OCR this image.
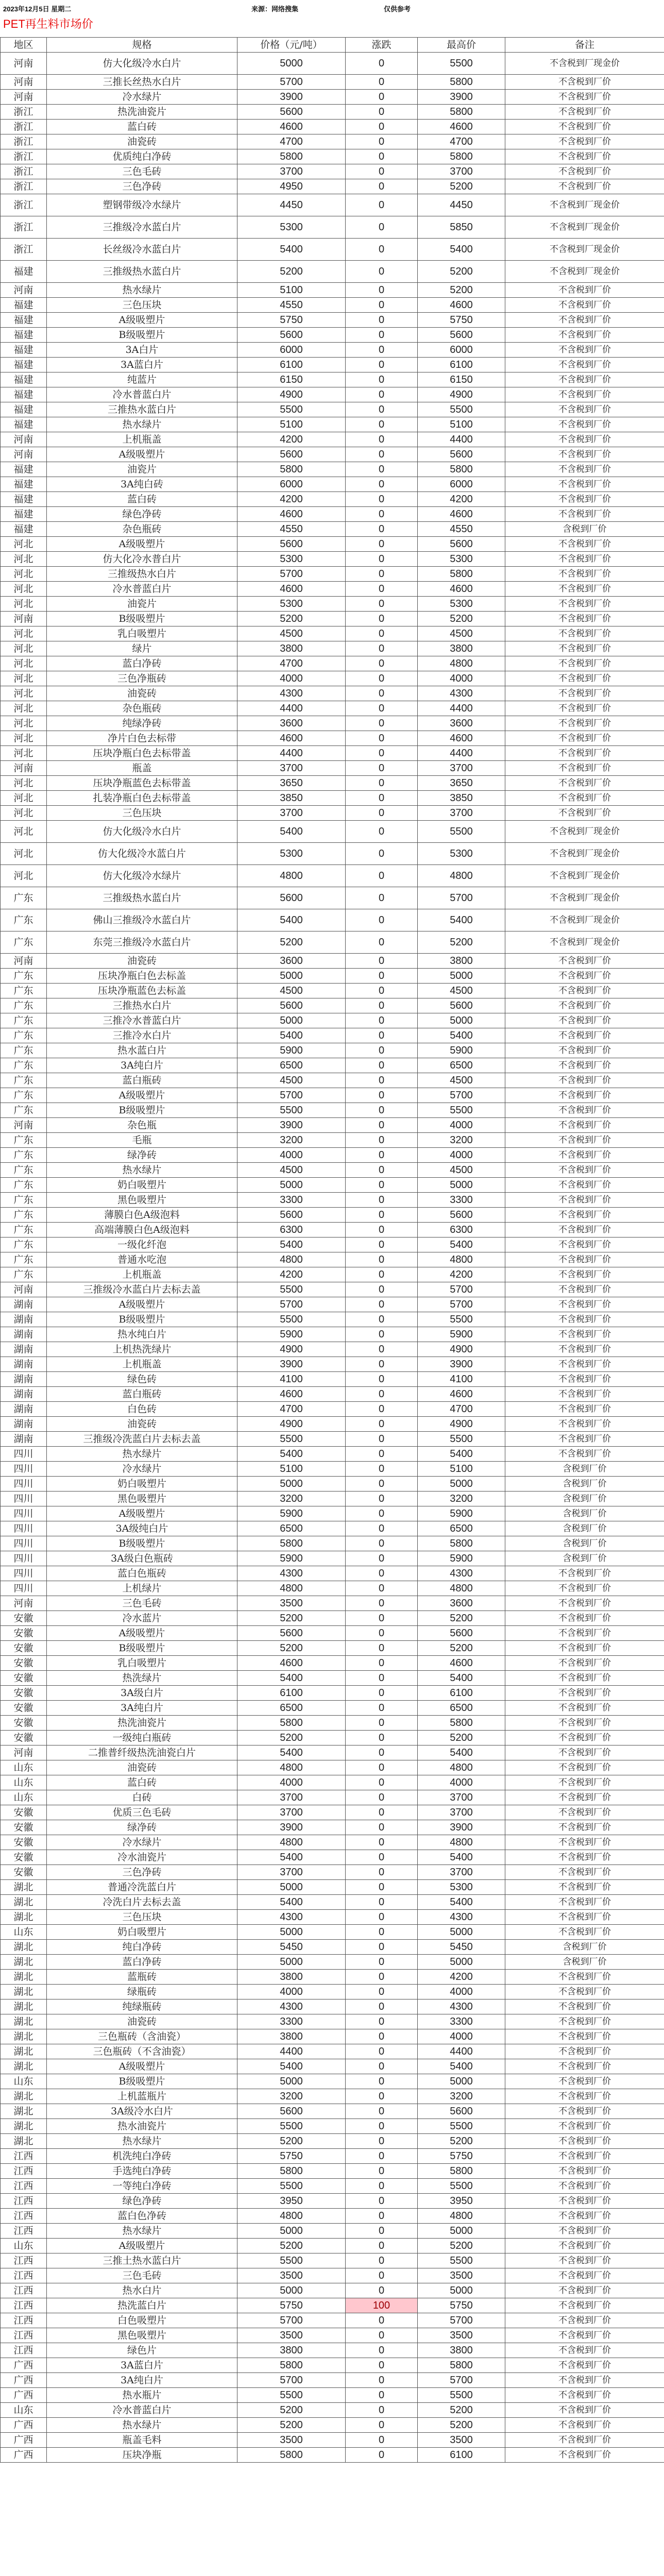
2023年12月5日 星期二	来源：网络搜集	仅供参考
PET再生料市场价
地区	规格	价格（元/吨）	涨跌	最高价	备注
河南	仿大化级冷水白片	5000	0	5500	不含税到厂现金价
河南	三推长丝热水白片	5700	0	5800	不含税到厂价
河南	冷水绿片	3900	0	3900	不含税到厂价
浙江	热洗油瓷片	5600	0	5800	不含税到厂价
浙江	蓝白砖	4600	0	4600	不含税到厂价
浙江	油瓷砖	4700	0	4700	不含税到厂价
浙江	优质纯白净砖	5800	0	5800	不含税到厂价
浙江	三色毛砖	3700	0	3700	不含税到厂价
浙江	三色净砖	4950	0	5200	不含税到厂价
浙江	塑钢带级冷水绿片	4450	0	4450	不含税到厂现金价
浙江	三推级冷水蓝白片	5300	0	5850	不含税到厂现金价
浙江	长丝级冷水蓝白片	5400	0	5400	不含税到厂现金价
福建	三推级热水蓝白片	5200	0	5200	不含税到厂现金价
河南	热水绿片	5100	0	5200	不含税到厂价
福建	三色压块	4550	0	4600	不含税到厂价
福建	A级吸塑片	5750	0	5750	不含税到厂价
福建	B级吸塑片	5600	0	5600	不含税到厂价
福建	3A白片	6000	0	6000	不含税到厂价
福建	3A蓝白片	6100	0	6100	不含税到厂价
福建	纯蓝片	6150	0	6150	不含税到厂价
福建	冷水普蓝白片	4900	0	4900	不含税到厂价
福建	三推热水蓝白片	5500	0	5500	不含税到厂价
福建	热水绿片	5100	0	5100	不含税到厂价
河南	上机瓶盖	4200	0	4400	不含税到厂价
河南	A级吸塑片	5600	0	5600	不含税到厂价
福建	油瓷片	5800	0	5800	不含税到厂价
福建	3A纯白砖	6000	0	6000	不含税到厂价
福建	蓝白砖	4200	0	4200	不含税到厂价
福建	绿色净砖	4600	0	4600	不含税到厂价
福建	杂色瓶砖	4550	0	4550	含税到厂价
河北	A级吸塑片	5600	0	5600	不含税到厂价
河北	仿大化冷水普白片	5300	0	5300	不含税到厂价
河北	三推级热水白片	5700	0	5800	不含税到厂价
河北	冷水普蓝白片	4600	0	4600	不含税到厂价
河北	油瓷片	5300	0	5300	不含税到厂价
河南	B级吸塑片	5200	0	5200	不含税到厂价
河北	乳白吸塑片	4500	0	4500	不含税到厂价
河北	绿片	3800	0	3800	不含税到厂价
河北	蓝白净砖	4700	0	4800	不含税到厂价
河北	三色净瓶砖	4000	0	4000	不含税到厂价
河北	油瓷砖	4300	0	4300	不含税到厂价
河北	杂色瓶砖	4400	0	4400	不含税到厂价
河北	纯绿净砖	3600	0	3600	不含税到厂价
河北	净片白色去标带	4600	0	4600	不含税到厂价
河北	压块净瓶白色去标带盖	4400	0	4400	不含税到厂价
河南	瓶盖	3700	0	3700	不含税到厂价
河北	压块净瓶蓝色去标带盖	3650	0	3650	不含税到厂价
河北	扎装净瓶白色去标带盖	3850	0	3850	不含税到厂价
河北	三色压块	3700	0	3700	不含税到厂价
河北	仿大化级冷水白片	5400	0	5500	不含税到厂现金价
河北	仿大化级冷水蓝白片	5300	0	5300	不含税到厂现金价
河北	仿大化级冷水绿片	4800	0	4800	不含税到厂现金价
广东	三推级热水蓝白片	5600	0	5700	不含税到厂现金价
广东	佛山三推级冷水蓝白片	5400	0	5400	不含税到厂现金价
广东	东莞三推级冷水蓝白片	5200	0	5200	不含税到厂现金价
河南	油瓷砖	3600	0	3800	不含税到厂价
广东	压块净瓶白色去标盖	5000	0	5000	不含税到厂价
广东	压块净瓶蓝色去标盖	4500	0	4500	不含税到厂价
广东	三推热水白片	5600	0	5600	不含税到厂价
广东	三推冷水普蓝白片	5000	0	5000	不含税到厂价
广东	三推冷水白片	5400	0	5400	不含税到厂价
广东	热水蓝白片	5900	0	5900	不含税到厂价
广东	3A纯白片	6500	0	6500	不含税到厂价
广东	蓝白瓶砖	4500	0	4500	不含税到厂价
广东	A级吸塑片	5700	0	5700	不含税到厂价
广东	B级吸塑片	5500	0	5500	不含税到厂价
河南	杂色瓶	3900	0	4000	不含税到厂价
广东	毛瓶	3200	0	3200	不含税到厂价
广东	绿净砖	4000	0	4000	不含税到厂价
广东	热水绿片	4500	0	4500	不含税到厂价
广东	奶白吸塑片	5000	0	5000	不含税到厂价
广东	黑色吸塑片	3300	0	3300	不含税到厂价
广东	薄膜白色A级泡料	5600	0	5600	不含税到厂价
广东	高端薄膜白色A级泡料	6300	0	6300	不含税到厂价
广东	一级化纤泡	5400	0	5400	不含税到厂价
广东	普通水吃泡	4800	0	4800	不含税到厂价
广东	上机瓶盖	4200	0	4200	不含税到厂价
河南	三推级冷水蓝白片去标去盖	5500	0	5700	不含税到厂价
湖南	A级吸塑片	5700	0	5700	不含税到厂价
湖南	B级吸塑片	5500	0	5500	不含税到厂价
湖南	热水纯白片	5900	0	5900	不含税到厂价
湖南	上机热洗绿片	4900	0	4900	不含税到厂价
湖南	上机瓶盖	3900	0	3900	不含税到厂价
湖南	绿色砖	4100	0	4100	不含税到厂价
湖南	蓝白瓶砖	4600	0	4600	不含税到厂价
湖南	白色砖	4700	0	4700	不含税到厂价
湖南	油瓷砖	4900	0	4900	不含税到厂价
湖南	三推级冷洗蓝白片去标去盖	5500	0	5500	不含税到厂价
四川	热水绿片	5400	0	5400	不含税到厂价
四川	冷水绿片	5100	0	5100	含税到厂价
四川	奶白吸塑片	5000	0	5000	含税到厂价
四川	黑色吸塑片	3200	0	3200	含税到厂价
四川	A级吸塑片	5900	0	5900	含税到厂价
四川	3A级纯白片	6500	0	6500	含税到厂价
四川	B级吸塑片	5800	0	5800	含税到厂价
四川	3A级白色瓶砖	5900	0	5900	含税到厂价
四川	蓝白色瓶砖	4300	0	4300	不含税到厂价
四川	上机绿片	4800	0	4800	不含税到厂价
河南	三色毛砖	3500	0	3600	不含税到厂价
安徽	冷水蓝片	5200	0	5200	不含税到厂价
安徽	A级吸塑片	5600	0	5600	不含税到厂价
安徽	B级吸塑片	5200	0	5200	不含税到厂价
安徽	乳白吸塑片	4600	0	4600	不含税到厂价
安徽	热洗绿片	5400	0	5400	不含税到厂价
安徽	3A级白片	6100	0	6100	不含税到厂价
安徽	3A纯白片	6500	0	6500	不含税到厂价
安徽	热洗油瓷片	5800	0	5800	不含税到厂价
安徽	一级纯白瓶砖	5200	0	5200	不含税到厂价
河南	二推普纤级热洗油瓷白片	5400	0	5400	不含税到厂价
山东	油瓷砖	4800	0	4800	不含税到厂价
山东	蓝白砖	4000	0	4000	不含税到厂价
山东	白砖	3700	0	3700	不含税到厂价
安徽	优质三色毛砖	3700	0	3700	不含税到厂价
安徽	绿净砖	3900	0	3900	不含税到厂价
安徽	冷水绿片	4800	0	4800	不含税到厂价
安徽	冷水油瓷片	5400	0	5400	不含税到厂价
安徽	三色净砖	3700	0	3700	不含税到厂价
湖北	普通冷洗蓝白片	5000	0	5300	不含税到厂价
湖北	冷洗白片去标去盖	5400	0	5400	不含税到厂价
湖北	三色压块	4300	0	4300	不含税到厂价
山东	奶白吸塑片	5000	0	5000	不含税到厂价
湖北	纯白净砖	5450	0	5450	含税到厂价
湖北	蓝白净砖	5000	0	5000	含税到厂价
湖北	蓝瓶砖	3800	0	4200	不含税到厂价
湖北	绿瓶砖	4000	0	4000	不含税到厂价
湖北	纯绿瓶砖	4300	0	4300	不含税到厂价
湖北	油瓷砖	3300	0	3300	不含税到厂价
湖北	三色瓶砖（含油瓷）	3800	0	4000	不含税到厂价
湖北	三色瓶砖（不含油瓷）	4400	0	4400	不含税到厂价
湖北	A级吸塑片	5400	0	5400	不含税到厂价
山东	B级吸塑片	5000	0	5000	不含税到厂价
湖北	上机蓝瓶片	3200	0	3200	不含税到厂价
湖北	3A级冷水白片	5600	0	5600	不含税到厂价
湖北	热水油瓷片	5500	0	5500	不含税到厂价
湖北	热水绿片	5200	0	5200	不含税到厂价
江西	机洗纯白净砖	5750	0	5750	不含税到厂价
江西	手选纯白净砖	5800	0	5800	不含税到厂价
江西	一等纯白净砖	5500	0	5500	不含税到厂价
江西	绿色净砖	3950	0	3950	不含税到厂价
江西	蓝白色净砖	4800	0	4800	不含税到厂价
江西	热水绿片	5000	0	5000	不含税到厂价
山东	A级吸塑片	5200	0	5200	不含税到厂价
江西	三推土热水蓝白片	5500	0	5500	不含税到厂价
江西	三色毛砖	3500	0	3500	不含税到厂价
江西	热水白片	5000	0	5000	不含税到厂价
江西	热洗蓝白片	5750	100	5750	不含税到厂价
江西	白色吸塑片	5700	0	5700	不含税到厂价
江西	黑色吸塑片	3500	0	3500	不含税到厂价
江西	绿色片	3800	0	3800	不含税到厂价
广西	3A蓝白片	5800	0	5800	不含税到厂价
广西	3A纯白片	5700	0	5700	不含税到厂价
广西	热水瓶片	5500	0	5500	不含税到厂价
山东	冷水普蓝白片	5200	0	5200	不含税到厂价
广西	热水绿片	5200	0	5200	不含税到厂价
广西	瓶盖毛料	3500	0	3500	不含税到厂价
广西	压块净瓶	5800	0	6100	不含税到厂价
